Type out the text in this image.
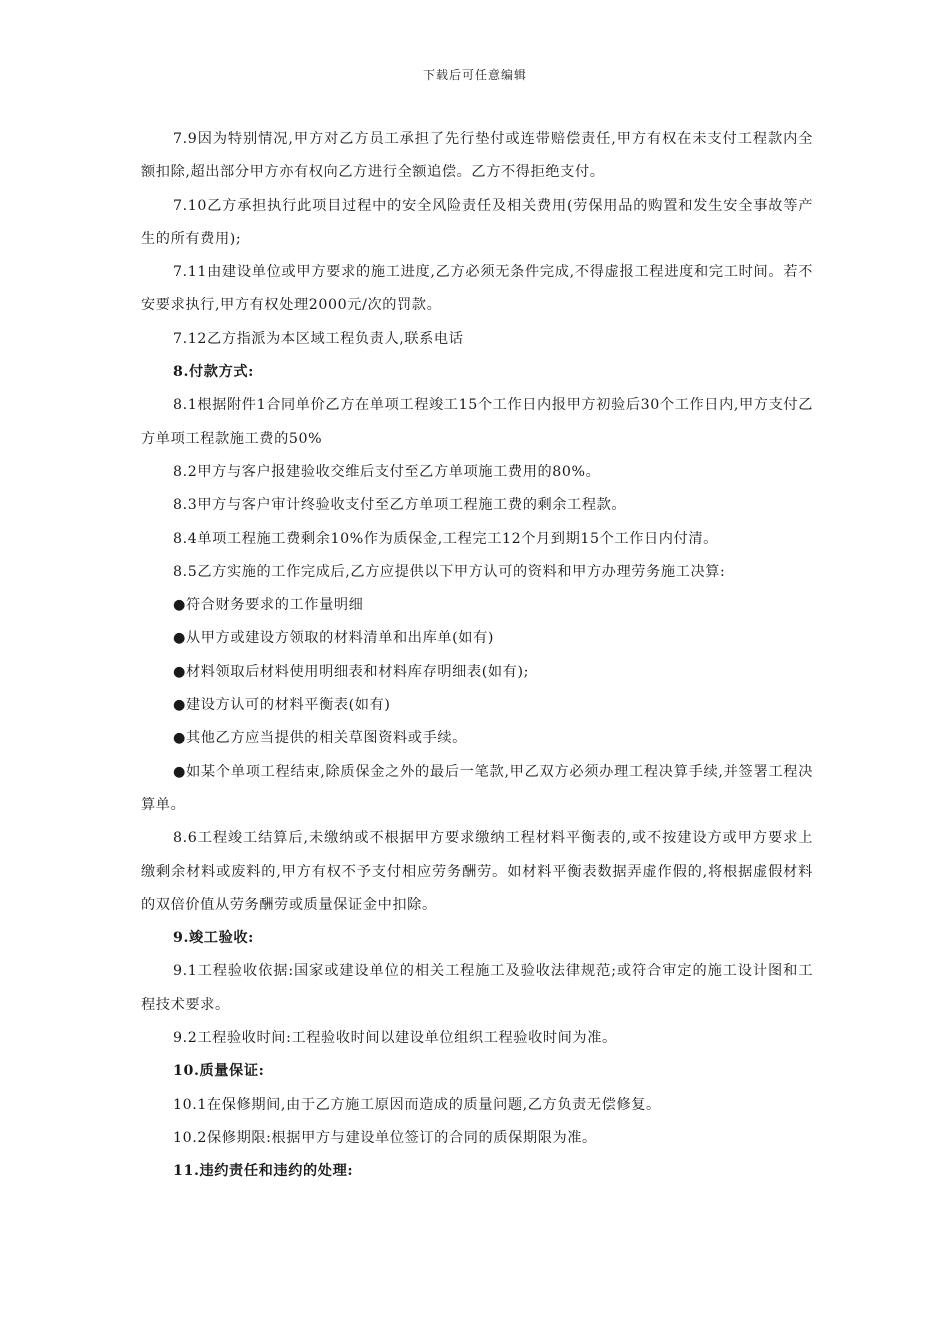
下载后可任意编辑

7.9因为特别情况,甲方对乙方员工承担了先行垫付或连带赔偿责任,甲方有权在未支付工程款内全额扣除,超出部分甲方亦有权向乙方进行全额追偿。乙方不得拒绝支付。

7.10乙方承担执行此项目过程中的安全风险责任及相关费用(劳保用品的购置和发生安全事故等产生的所有费用);

7.11由建设单位或甲方要求的施工进度,乙方必须无条件完成,不得虚报工程进度和完工时间。若不安要求执行,甲方有权处理2000元/次的罚款。

7.12乙方指派为本区域工程负责人,联系电话

8.付款方式:

8.1根据附件1合同单价乙方在单项工程竣工15个工作日内报甲方初验后30个工作日内,甲方支付乙方单项工程款施工费的50%

8.2甲方与客户报建验收交维后支付至乙方单项施工费用的80%。

8.3甲方与客户审计终验收支付至乙方单项工程施工费的剩余工程款。

8.4单项工程施工费剩余10%作为质保金,工程完工12个月到期15个工作日内付清。

8.5乙方实施的工作完成后,乙方应提供以下甲方认可的资料和甲方办理劳务施工决算:

●符合财务要求的工作量明细

●从甲方或建设方领取的材料清单和出库单(如有)

●材料领取后材料使用明细表和材料库存明细表(如有);

●建设方认可的材料平衡表(如有)

●其他乙方应当提供的相关草图资料或手续。

●如某个单项工程结束,除质保金之外的最后一笔款,甲乙双方必须办理工程决算手续,并签署工程决算单。

8.6工程竣工结算后,未缴纳或不根据甲方要求缴纳工程材料平衡表的,或不按建设方或甲方要求上缴剩余材料或废料的,甲方有权不予支付相应劳务酬劳。如材料平衡表数据弄虚作假的,将根据虚假材料的双倍价值从劳务酬劳或质量保证金中扣除。

9.竣工验收:

9.1工程验收依据:国家或建设单位的相关工程施工及验收法律规范;或符合审定的施工设计图和工程技术要求。

9.2工程验收时间:工程验收时间以建设单位组织工程验收时间为准。

10.质量保证:

10.1在保修期间,由于乙方施工原因而造成的质量问题,乙方负责无偿修复。

10.2保修期限:根据甲方与建设单位签订的合同的质保期限为准。

11.违约责任和违约的处理:
